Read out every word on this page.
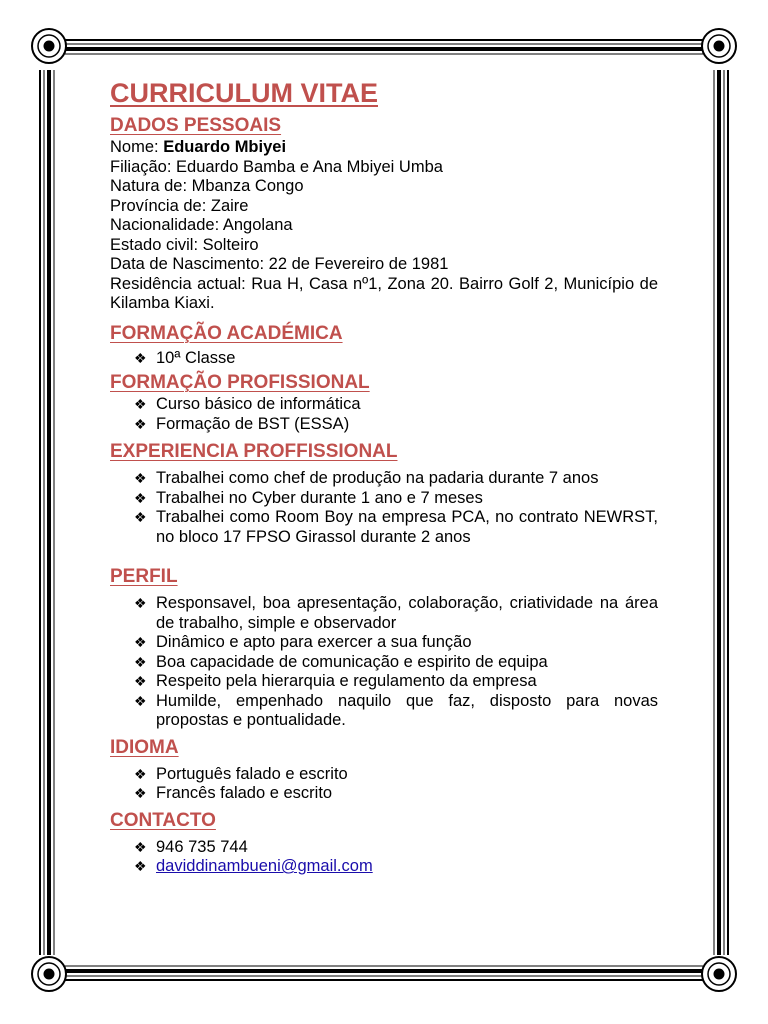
CURRICULUM VITAE
DADOS PESSOAIS

Nome: Eduardo Mbiyei

Filiação: Eduardo Bamba e Ana Mbiyei Umba

Natura de: Mbanza Congo

Província de: Zaire

Nacionalidade: Angolana

Estado civil: Solteiro

Data de Nascimento: 22 de Fevereiro de 1981

Residência actual: Rua H, Casa nº1, Zona 20. Bairro Golf 2, Município de Kilamba Kiaxi.

FORMAÇÃO ACADÉMICA
❖ 10ª Classe
FORMAÇÃO PROFISSIONAL
❖ Curso básico de informática
❖ Formação de BST (ESSA)
EXPERIENCIA PROFFISSIONAL
❖ Trabalhei como chef de produção na padaria durante 7 anos
❖ Trabalhei no Cyber durante 1 ano e 7 meses
❖ Trabalhei como Room Boy na empresa PCA, no contrato NEWRST, no bloco 17 FPSO Girassol durante 2 anos
PERFIL
❖ Responsavel, boa apresentação, colaboração, criatividade na área de trabalho, simple e observador
❖ Dinâmico e apto para exercer a sua função
❖ Boa capacidade de comunicação e espirito de equipa
❖ Respeito pela hierarquia e regulamento da empresa
❖ Humilde, empenhado naquilo que faz, disposto para novas propostas e pontualidade.
IDIOMA
❖ Português falado e escrito
❖ Francês falado e escrito
CONTACTO
❖ 946 735 744
❖ daviddinambueni@gmail.com
